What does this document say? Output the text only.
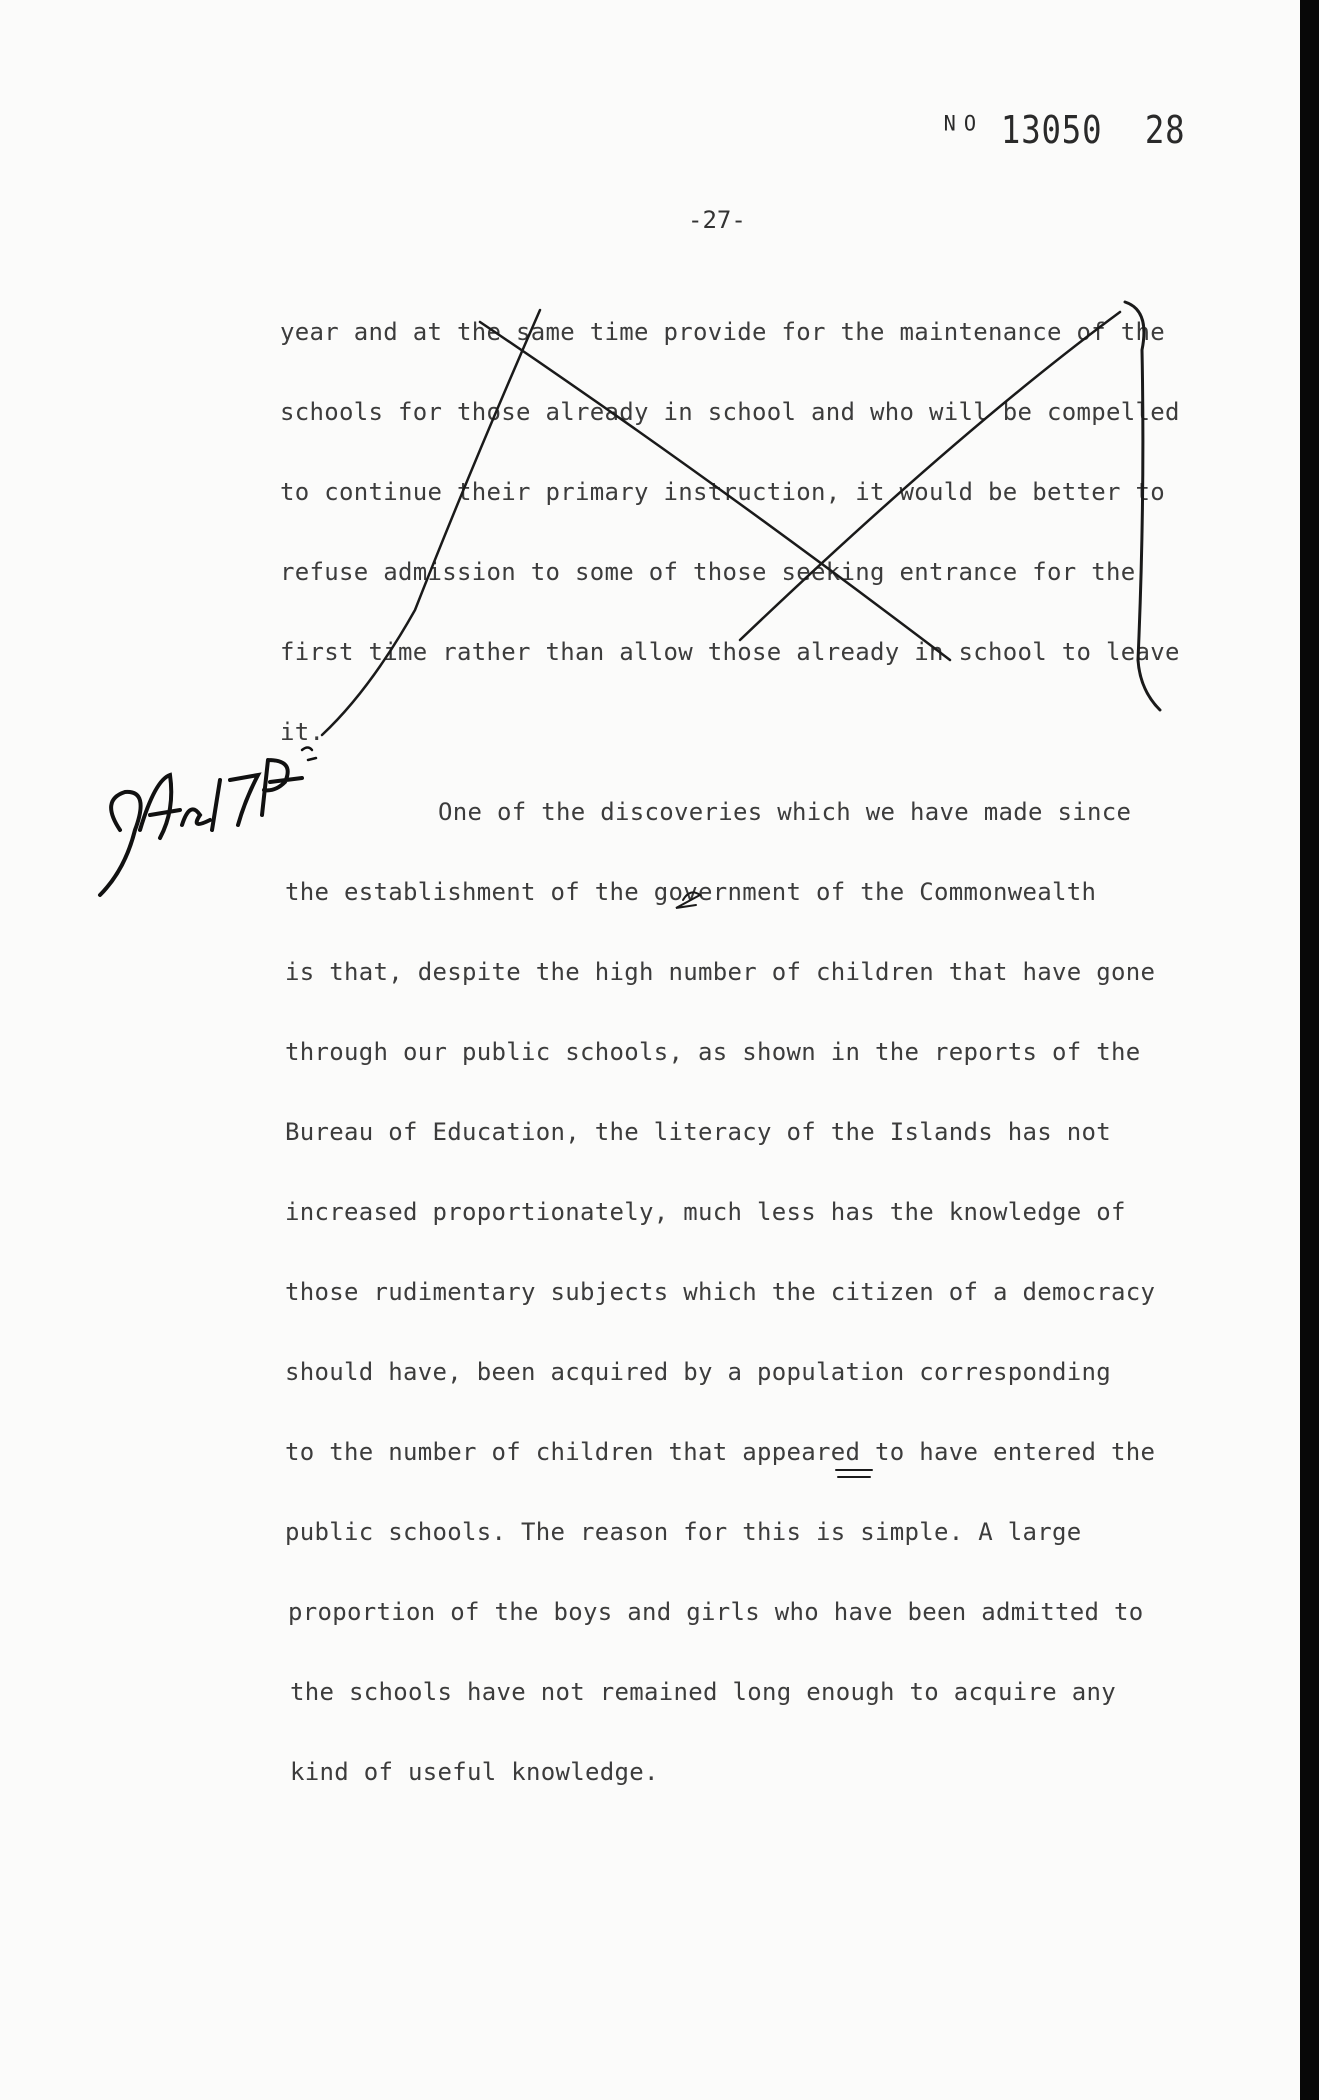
ᴺᴼ 13050 28
-27-
year and at the same time provide for the maintenance of the
schools for those already in school and who will be compelled
to continue their primary instruction, it would be better to
refuse admission to some of those seeking entrance for the
first time rather than allow those already in school to leave
it.
One of the discoveries which we have made since
the establishment of the government of the Commonwealth
is that, despite the high number of children that have gone
through our public schools, as shown in the reports of the
Bureau of Education, the literacy of the Islands has not
increased proportionately, much less has the knowledge of
those rudimentary subjects which the citizen of a democracy
should have, been acquired by a population corresponding
to the number of children that appeared to have entered the
public schools. The reason for this is simple. A large
proportion of the boys and girls who have been admitted to
the schools have not remained long enough to acquire any
kind of useful knowledge.
